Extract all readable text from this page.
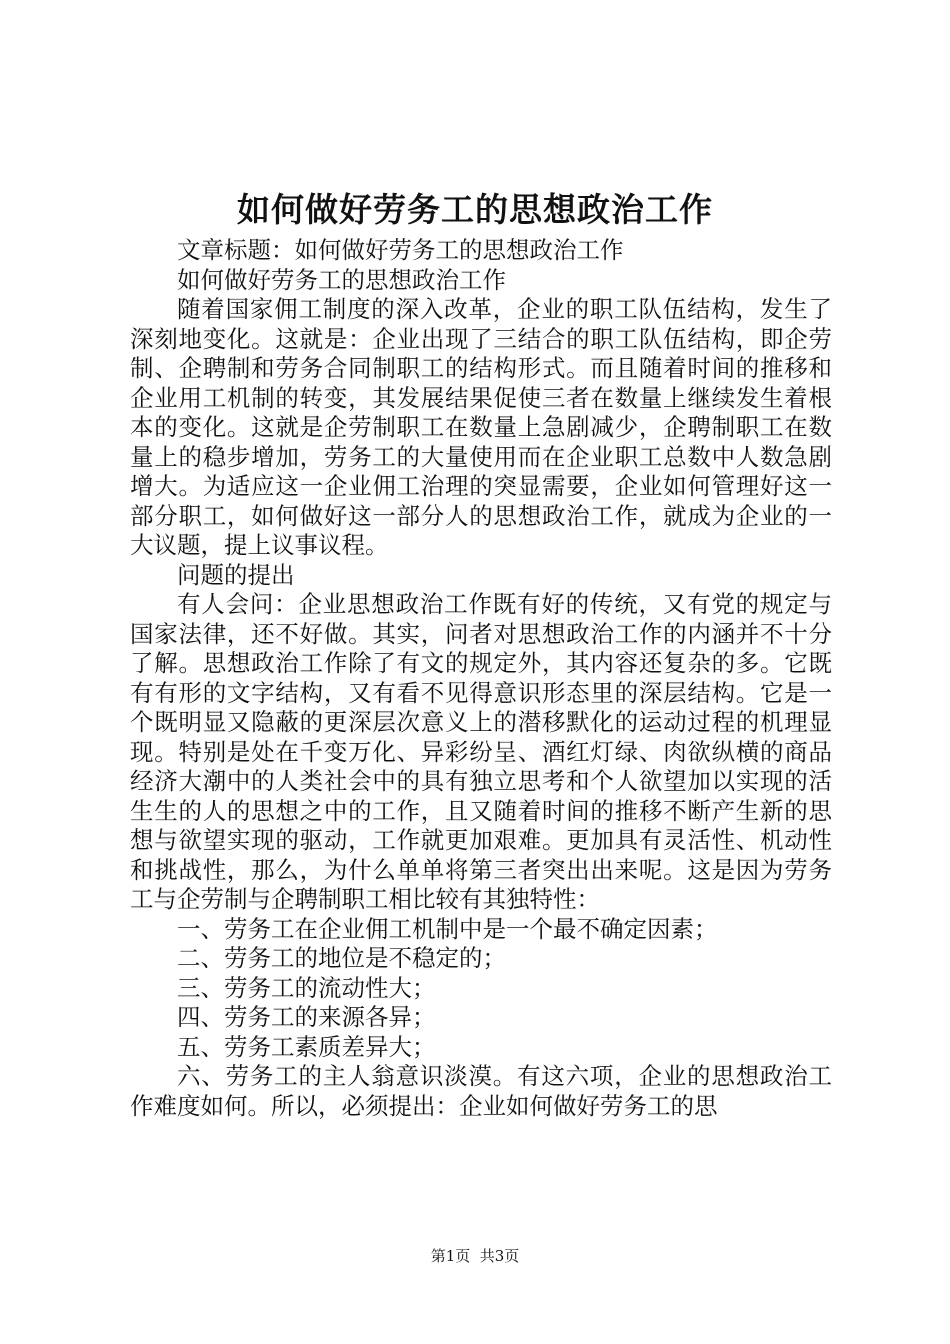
如何做好劳务工的思想政治工作

文章标题：如何做好劳务工的思想政治工作

如何做好劳务工的思想政治工作

随着国家佣工制度的深入改革，企业的职工队伍结构，发生了深刻地变化。这就是：企业出现了三结合的职工队伍结构，即企劳制、企聘制和劳务合同制职工的结构形式。而且随着时间的推移和企业用工机制的转变，其发展结果促使三者在数量上继续发生着根本的变化。这就是企劳制职工在数量上急剧减少，企聘制职工在数量上的稳步增加，劳务工的大量使用而在企业职工总数中人数急剧增大。为适应这一企业佣工治理的突显需要，企业如何管理好这一部分职工，如何做好这一部分人的思想政治工作，就成为企业的一大议题，提上议事议程。

问题的提出

有人会问：企业思想政治工作既有好的传统，又有党的规定与国家法律，还不好做。其实，问者对思想政治工作的内涵并不十分了解。思想政治工作除了有文的规定外，其内容还复杂的多。它既有有形的文字结构，又有看不见得意识形态里的深层结构。它是一个既明显又隐蔽的更深层次意义上的潜移默化的运动过程的机理显现。特别是处在千变万化、异彩纷呈、酒红灯绿、肉欲纵横的商品经济大潮中的人类社会中的具有独立思考和个人欲望加以实现的活生生的人的思想之中的工作，且又随着时间的推移不断产生新的思想与欲望实现的驱动，工作就更加艰难。更加具有灵活性、机动性和挑战性，那么，为什么单单将第三者突出出来呢。这是因为劳务工与企劳制与企聘制职工相比较有其独特性：

一、劳务工在企业佣工机制中是一个最不确定因素；

二、劳务工的地位是不稳定的；

三、劳务工的流动性大；

四、劳务工的来源各异；

五、劳务工素质差异大；

六、劳务工的主人翁意识淡漠。有这六项，企业的思想政治工作难度如何。所以，必须提出：企业如何做好劳务工的思

第1页  共3页
